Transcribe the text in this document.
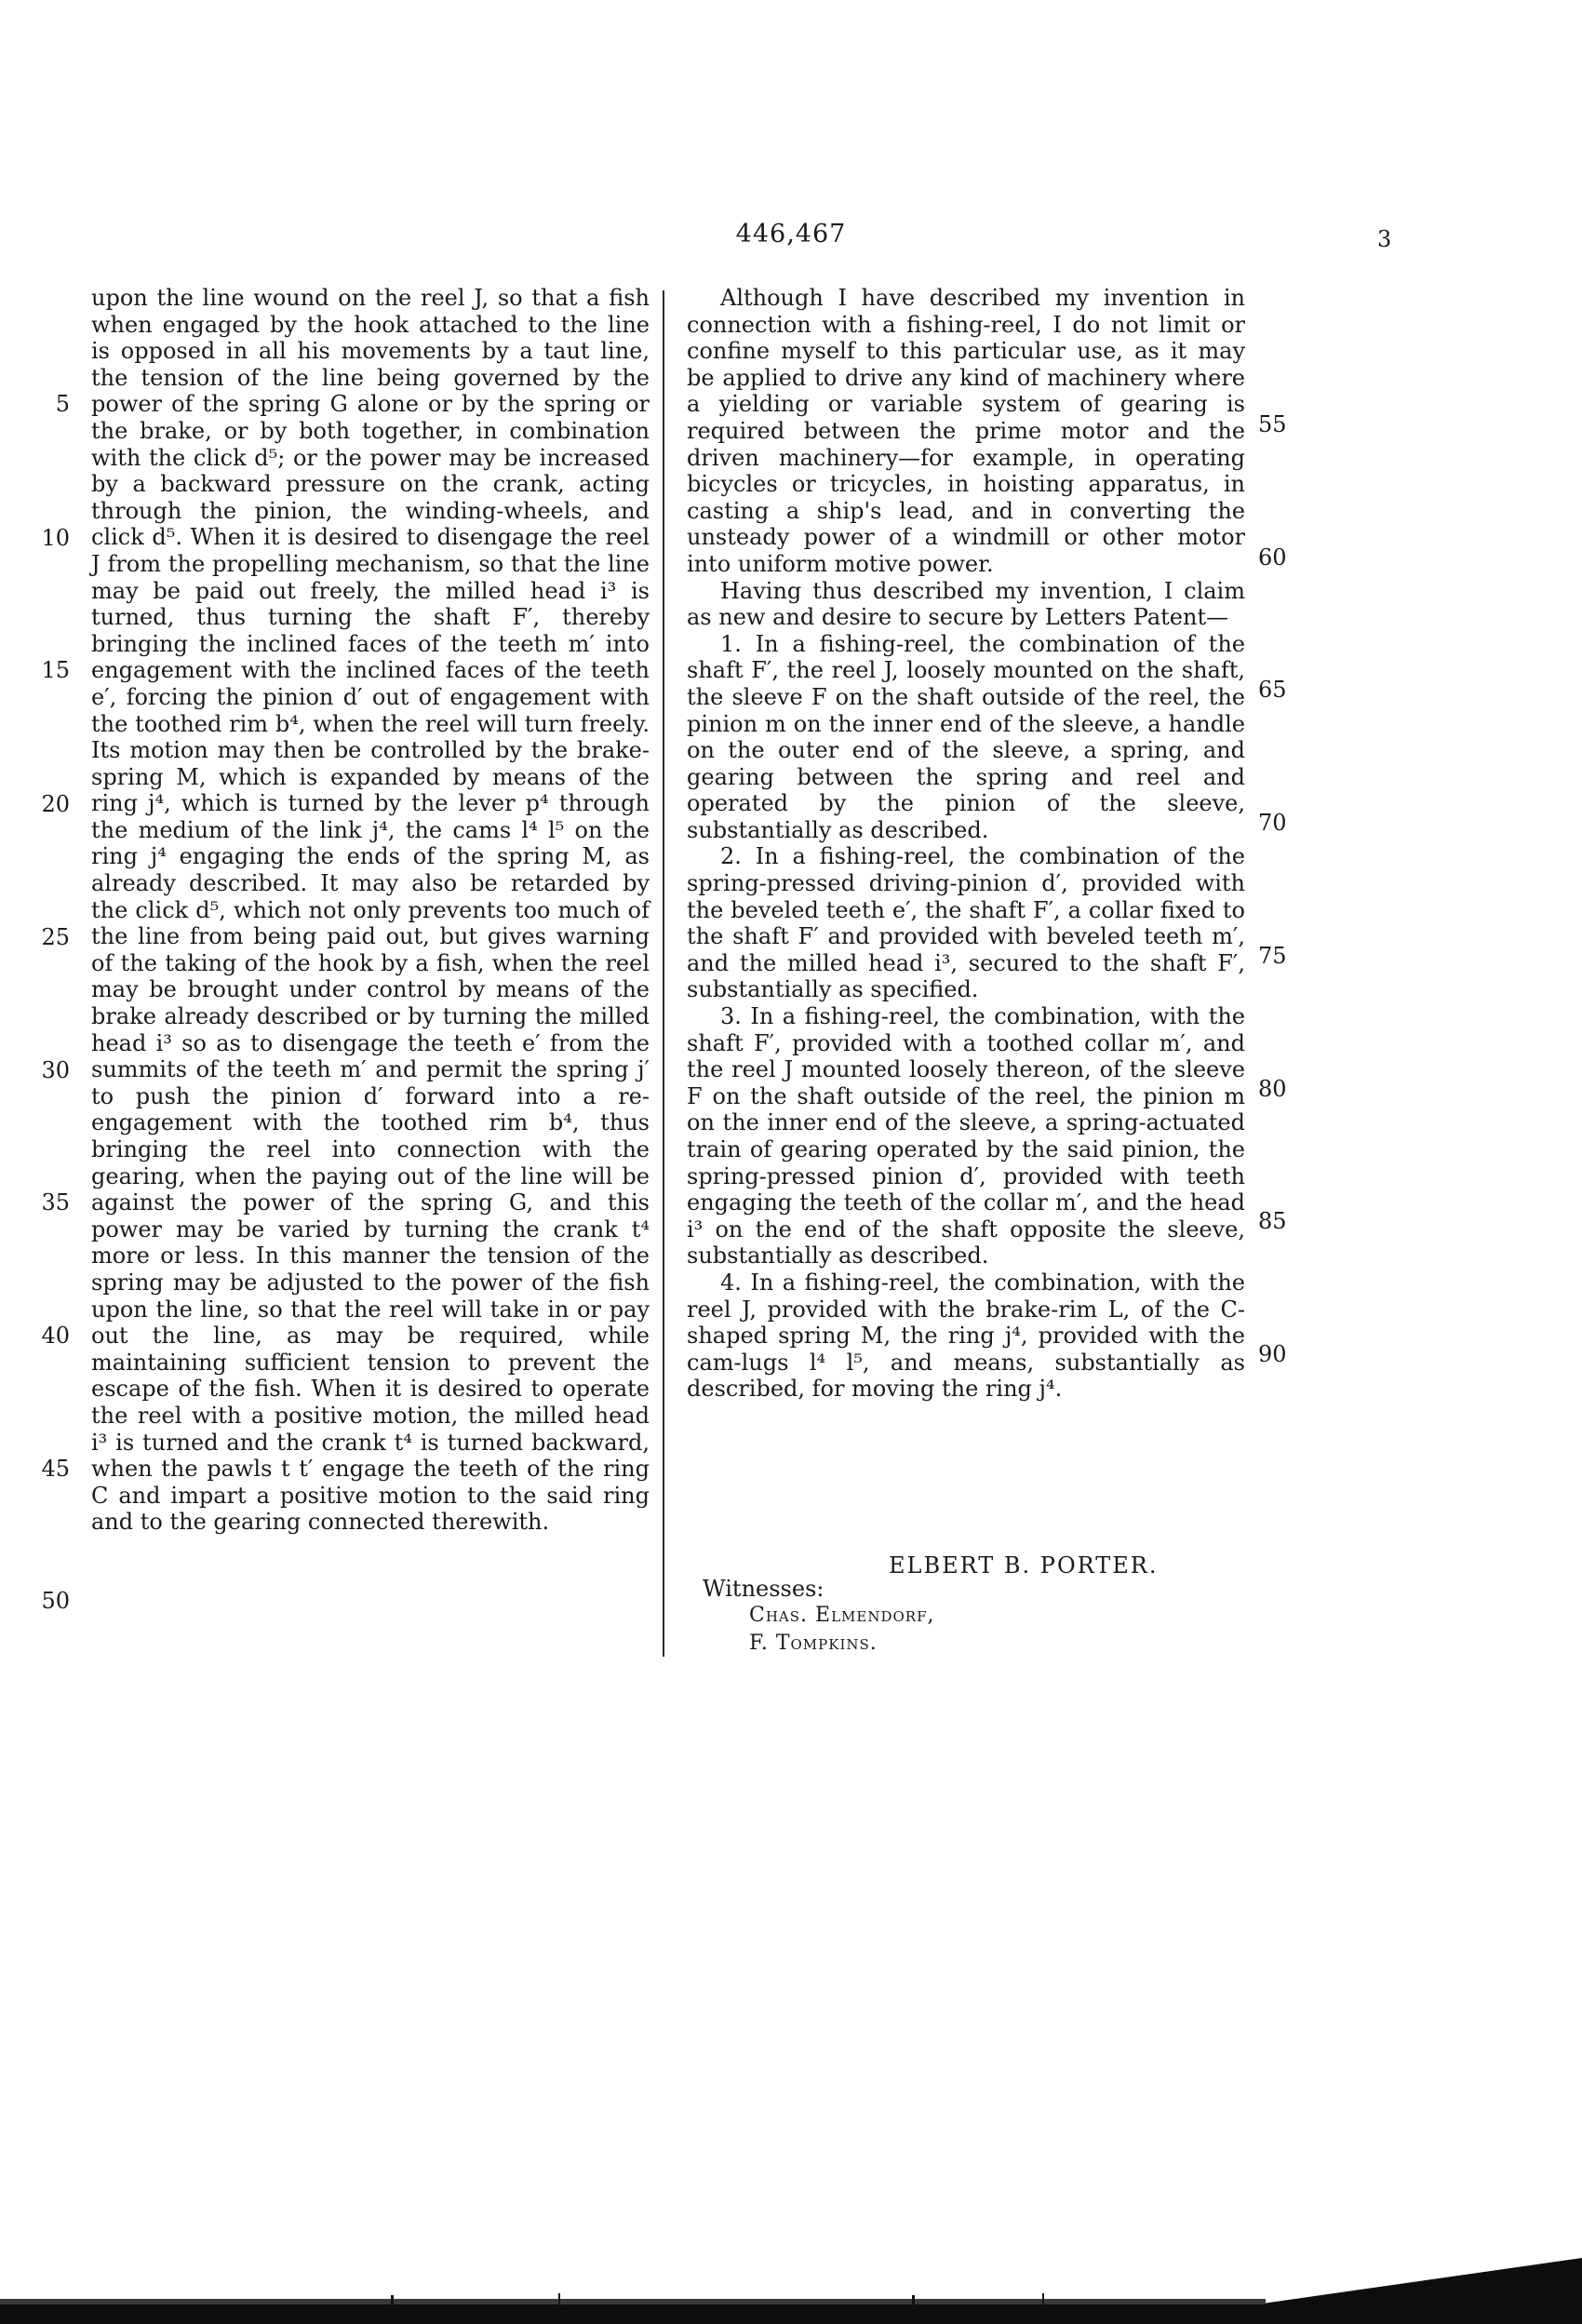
446,467	3

upon the line wound on the reel J, so that a fish when engaged by the hook attached to the line is opposed in all his movements by a taut line, the tension of the line being governed by the power of the spring G alone or by the spring or the brake, or by both together, in combination with the click d⁵; or the power may be increased by a backward pressure on the crank, acting through the pinion, the winding-wheels, and click d⁵. When it is desired to disengage the reel J from the propelling mechanism, so that the line may be paid out freely, the milled head i³ is turned, thus turning the shaft F′, thereby bringing the inclined faces of the teeth m′ into engagement with the inclined faces of the teeth e′, forcing the pinion d′ out of engagement with the toothed rim b⁴, when the reel will turn freely. Its motion may then be controlled by the brake-spring M, which is expanded by means of the ring j⁴, which is turned by the lever p⁴ through the medium of the link j⁴, the cams l⁴ l⁵ on the ring j⁴ engaging the ends of the spring M, as already described. It may also be retarded by the click d⁵, which not only prevents too much of the line from being paid out, but gives warning of the taking of the hook by a fish, when the reel may be brought under control by means of the brake already described or by turning the milled head i³ so as to disengage the teeth e′ from the summits of the teeth m′ and permit the spring j′ to push the pinion d′ forward into a re-engagement with the toothed rim b⁴, thus bringing the reel into connection with the gearing, when the paying out of the line will be against the power of the spring G, and this power may be varied by turning the crank t⁴ more or less. In this manner the tension of the spring may be adjusted to the power of the fish upon the line, so that the reel will take in or pay out the line, as may be required, while maintaining sufficient tension to prevent the escape of the fish. When it is desired to operate the reel with a positive motion, the milled head i³ is turned and the crank t⁴ is turned backward, when the pawls t t′ engage the teeth of the ring C and impart a positive motion to the said ring and to the gearing connected therewith.

Although I have described my invention in connection with a fishing-reel, I do not limit or confine myself to this particular use, as it may be applied to drive any kind of machinery where a yielding or variable system of gearing is required between the prime motor and the driven machinery—for example, in operating bicycles or tricycles, in hoisting apparatus, in casting a ship's lead, and in converting the unsteady power of a windmill or other motor into uniform motive power.

Having thus described my invention, I claim as new and desire to secure by Letters Patent—

1. In a fishing-reel, the combination of the shaft F′, the reel J, loosely mounted on the shaft, the sleeve F on the shaft outside of the reel, the pinion m on the inner end of the sleeve, a handle on the outer end of the sleeve, a spring, and gearing between the spring and reel and operated by the pinion of the sleeve, substantially as described.

2. In a fishing-reel, the combination of the spring-pressed driving-pinion d′, provided with the beveled teeth e′, the shaft F′, a collar fixed to the shaft F′ and provided with beveled teeth m′, and the milled head i³, secured to the shaft F′, substantially as specified.

3. In a fishing-reel, the combination, with the shaft F′, provided with a toothed collar m′, and the reel J mounted loosely thereon, of the sleeve F on the shaft outside of the reel, the pinion m on the inner end of the sleeve, a spring-actuated train of gearing operated by the said pinion, the spring-pressed pinion d′, provided with teeth engaging the teeth of the collar m′, and the head i³ on the end of the shaft opposite the sleeve, substantially as described.

4. In a fishing-reel, the combination, with the reel J, provided with the brake-rim L, of the C-shaped spring M, the ring j⁴, provided with the cam-lugs l⁴ l⁵, and means, substantially as described, for moving the ring j⁴.

5
10
15
20
25
30
35
40
45
50
55
60
65
70
75
80
85
90
ELBERT B. PORTER.
Witnesses:
Chas. Elmendorf,
F. Tompkins.
